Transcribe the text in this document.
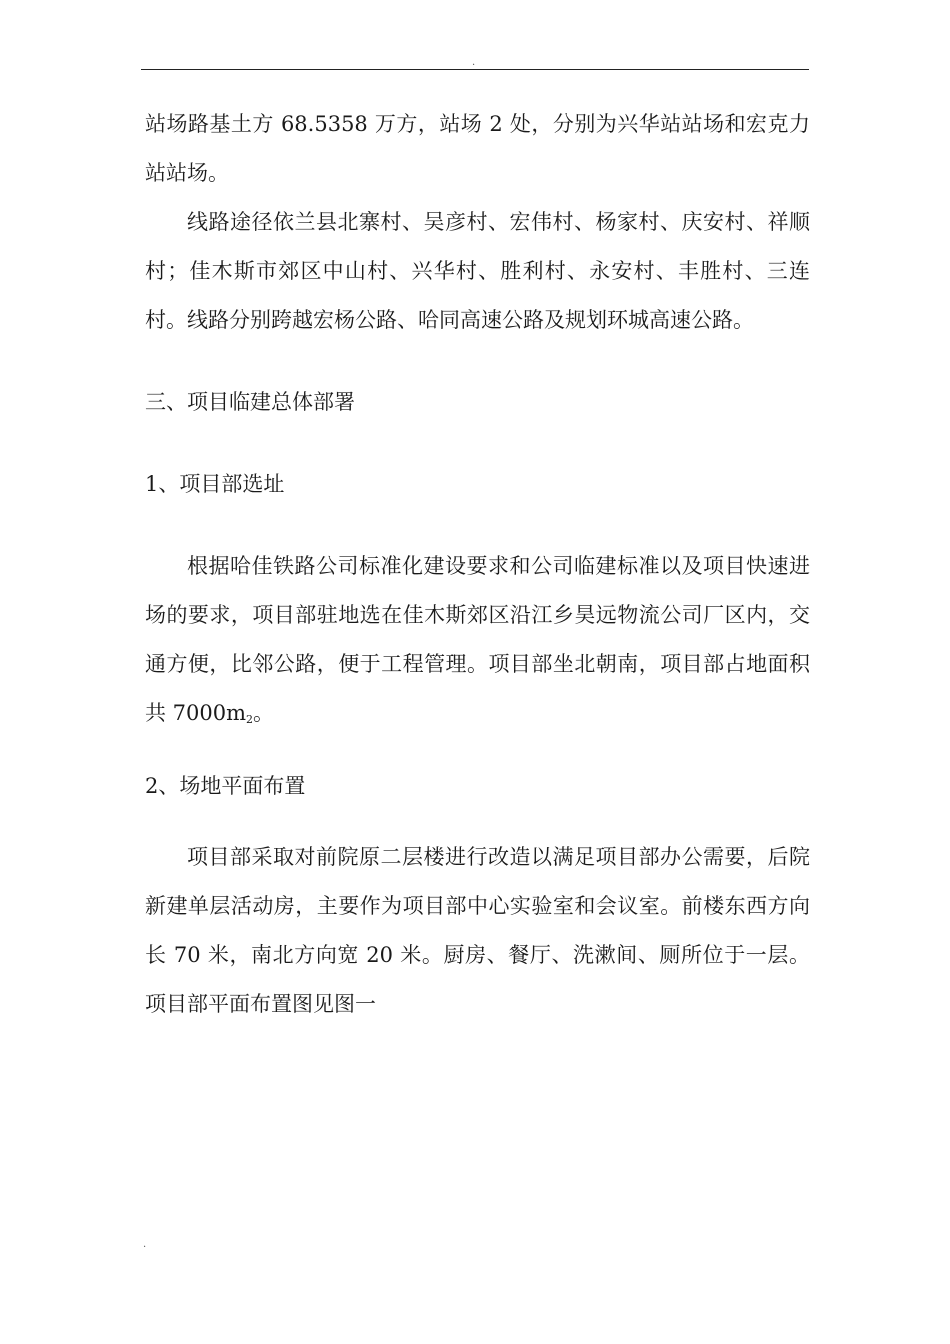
.

站场路基土方 68.5358 万方，站场 2 处，分别为兴华站站场和宏克力站站场。

线路途径依兰县北寨村、吴彦村、宏伟村、杨家村、庆安村、祥顺村；佳木斯市郊区中山村、兴华村、胜利村、永安村、丰胜村、三连村。线路分别跨越宏杨公路、哈同高速公路及规划环城高速公路。

三、项目临建总体部署

1、项目部选址

根据哈佳铁路公司标准化建设要求和公司临建标准以及项目快速进场的要求，项目部驻地选在佳木斯郊区沿江乡昊远物流公司厂区内，交通方便，比邻公路，便于工程管理。项目部坐北朝南，项目部占地面积共 $7000m^2$。

2、场地平面布置

项目部采取对前院原二层楼进行改造以满足项目部办公需要，后院新建单层活动房，主要作为项目部中心实验室和会议室。前楼东西方向长 70 米，南北方向宽 20 米。厨房、餐厅、洗漱间、厕所位于一层。项目部平面布置图见图一

.
